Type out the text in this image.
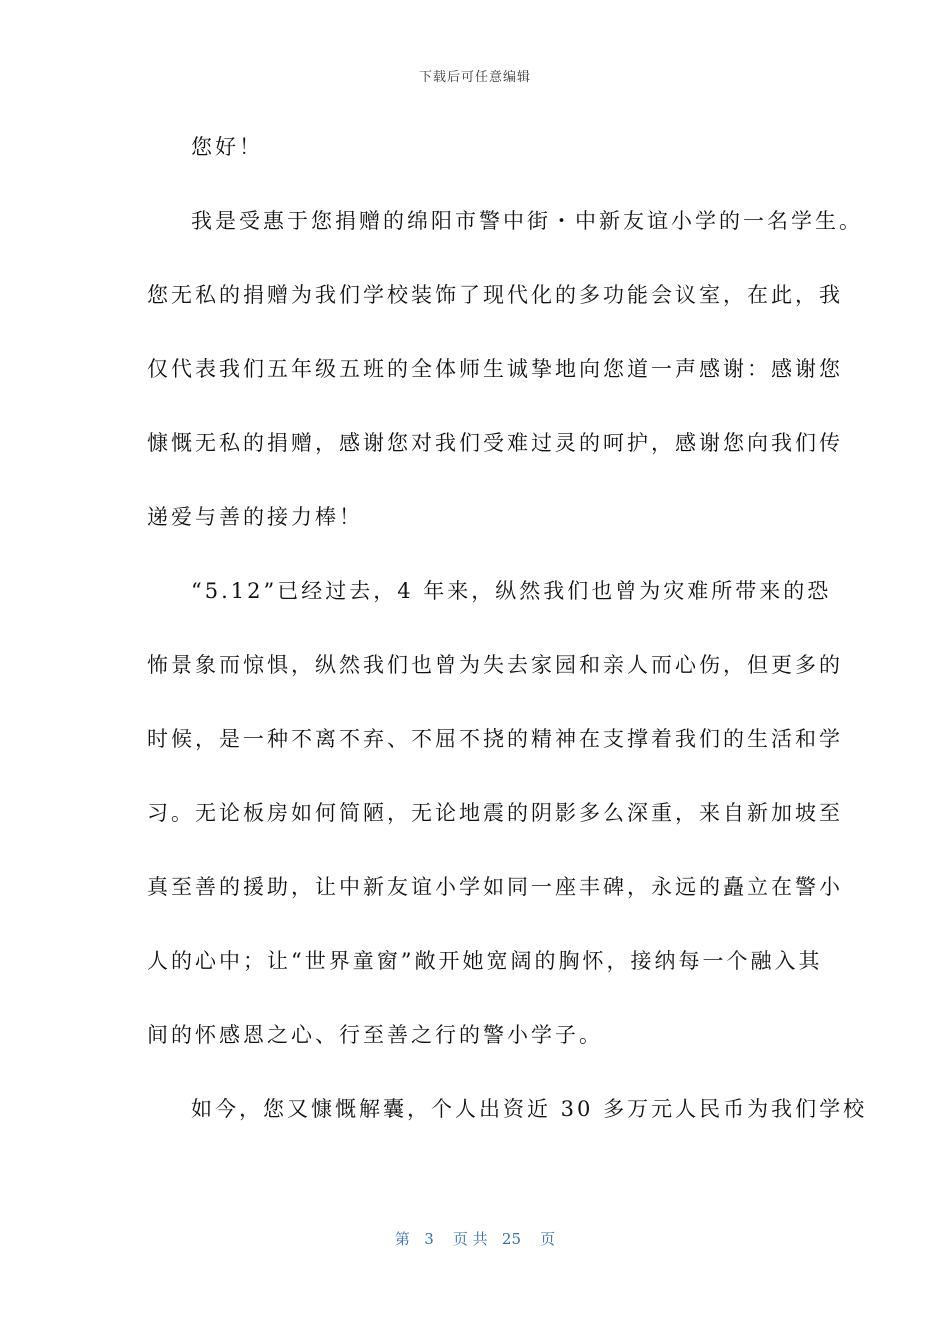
下载后可任意编辑
您好！
我是受惠于您捐赠的绵阳市警中街・中新友谊小学的一名学生。
您无私的捐赠为我们学校装饰了现代化的多功能会议室，在此，我
仅代表我们五年级五班的全体师生诚挚地向您道一声感谢：感谢您
慷慨无私的捐赠，感谢您对我们受难过灵的呵护，感谢您向我们传
递爱与善的接力棒！
“5.12”已经过去，4 年来，纵然我们也曾为灾难所带来的恐
怖景象而惊惧，纵然我们也曾为失去家园和亲人而心伤，但更多的
时候，是一种不离不弃、不屈不挠的精神在支撑着我们的生活和学
习。无论板房如何简陋，无论地震的阴影多么深重，来自新加坡至
真至善的援助，让中新友谊小学如同一座丰碑，永远的矗立在警小
人的心中；让“世界童窗”敞开她宽阔的胸怀，接纳每一个融入其
间的怀感恩之心、行至善之行的警小学子。
如今，您又慷慨解囊，个人出资近 30 多万元人民币为我们学校
第   3    页 共   25    页
